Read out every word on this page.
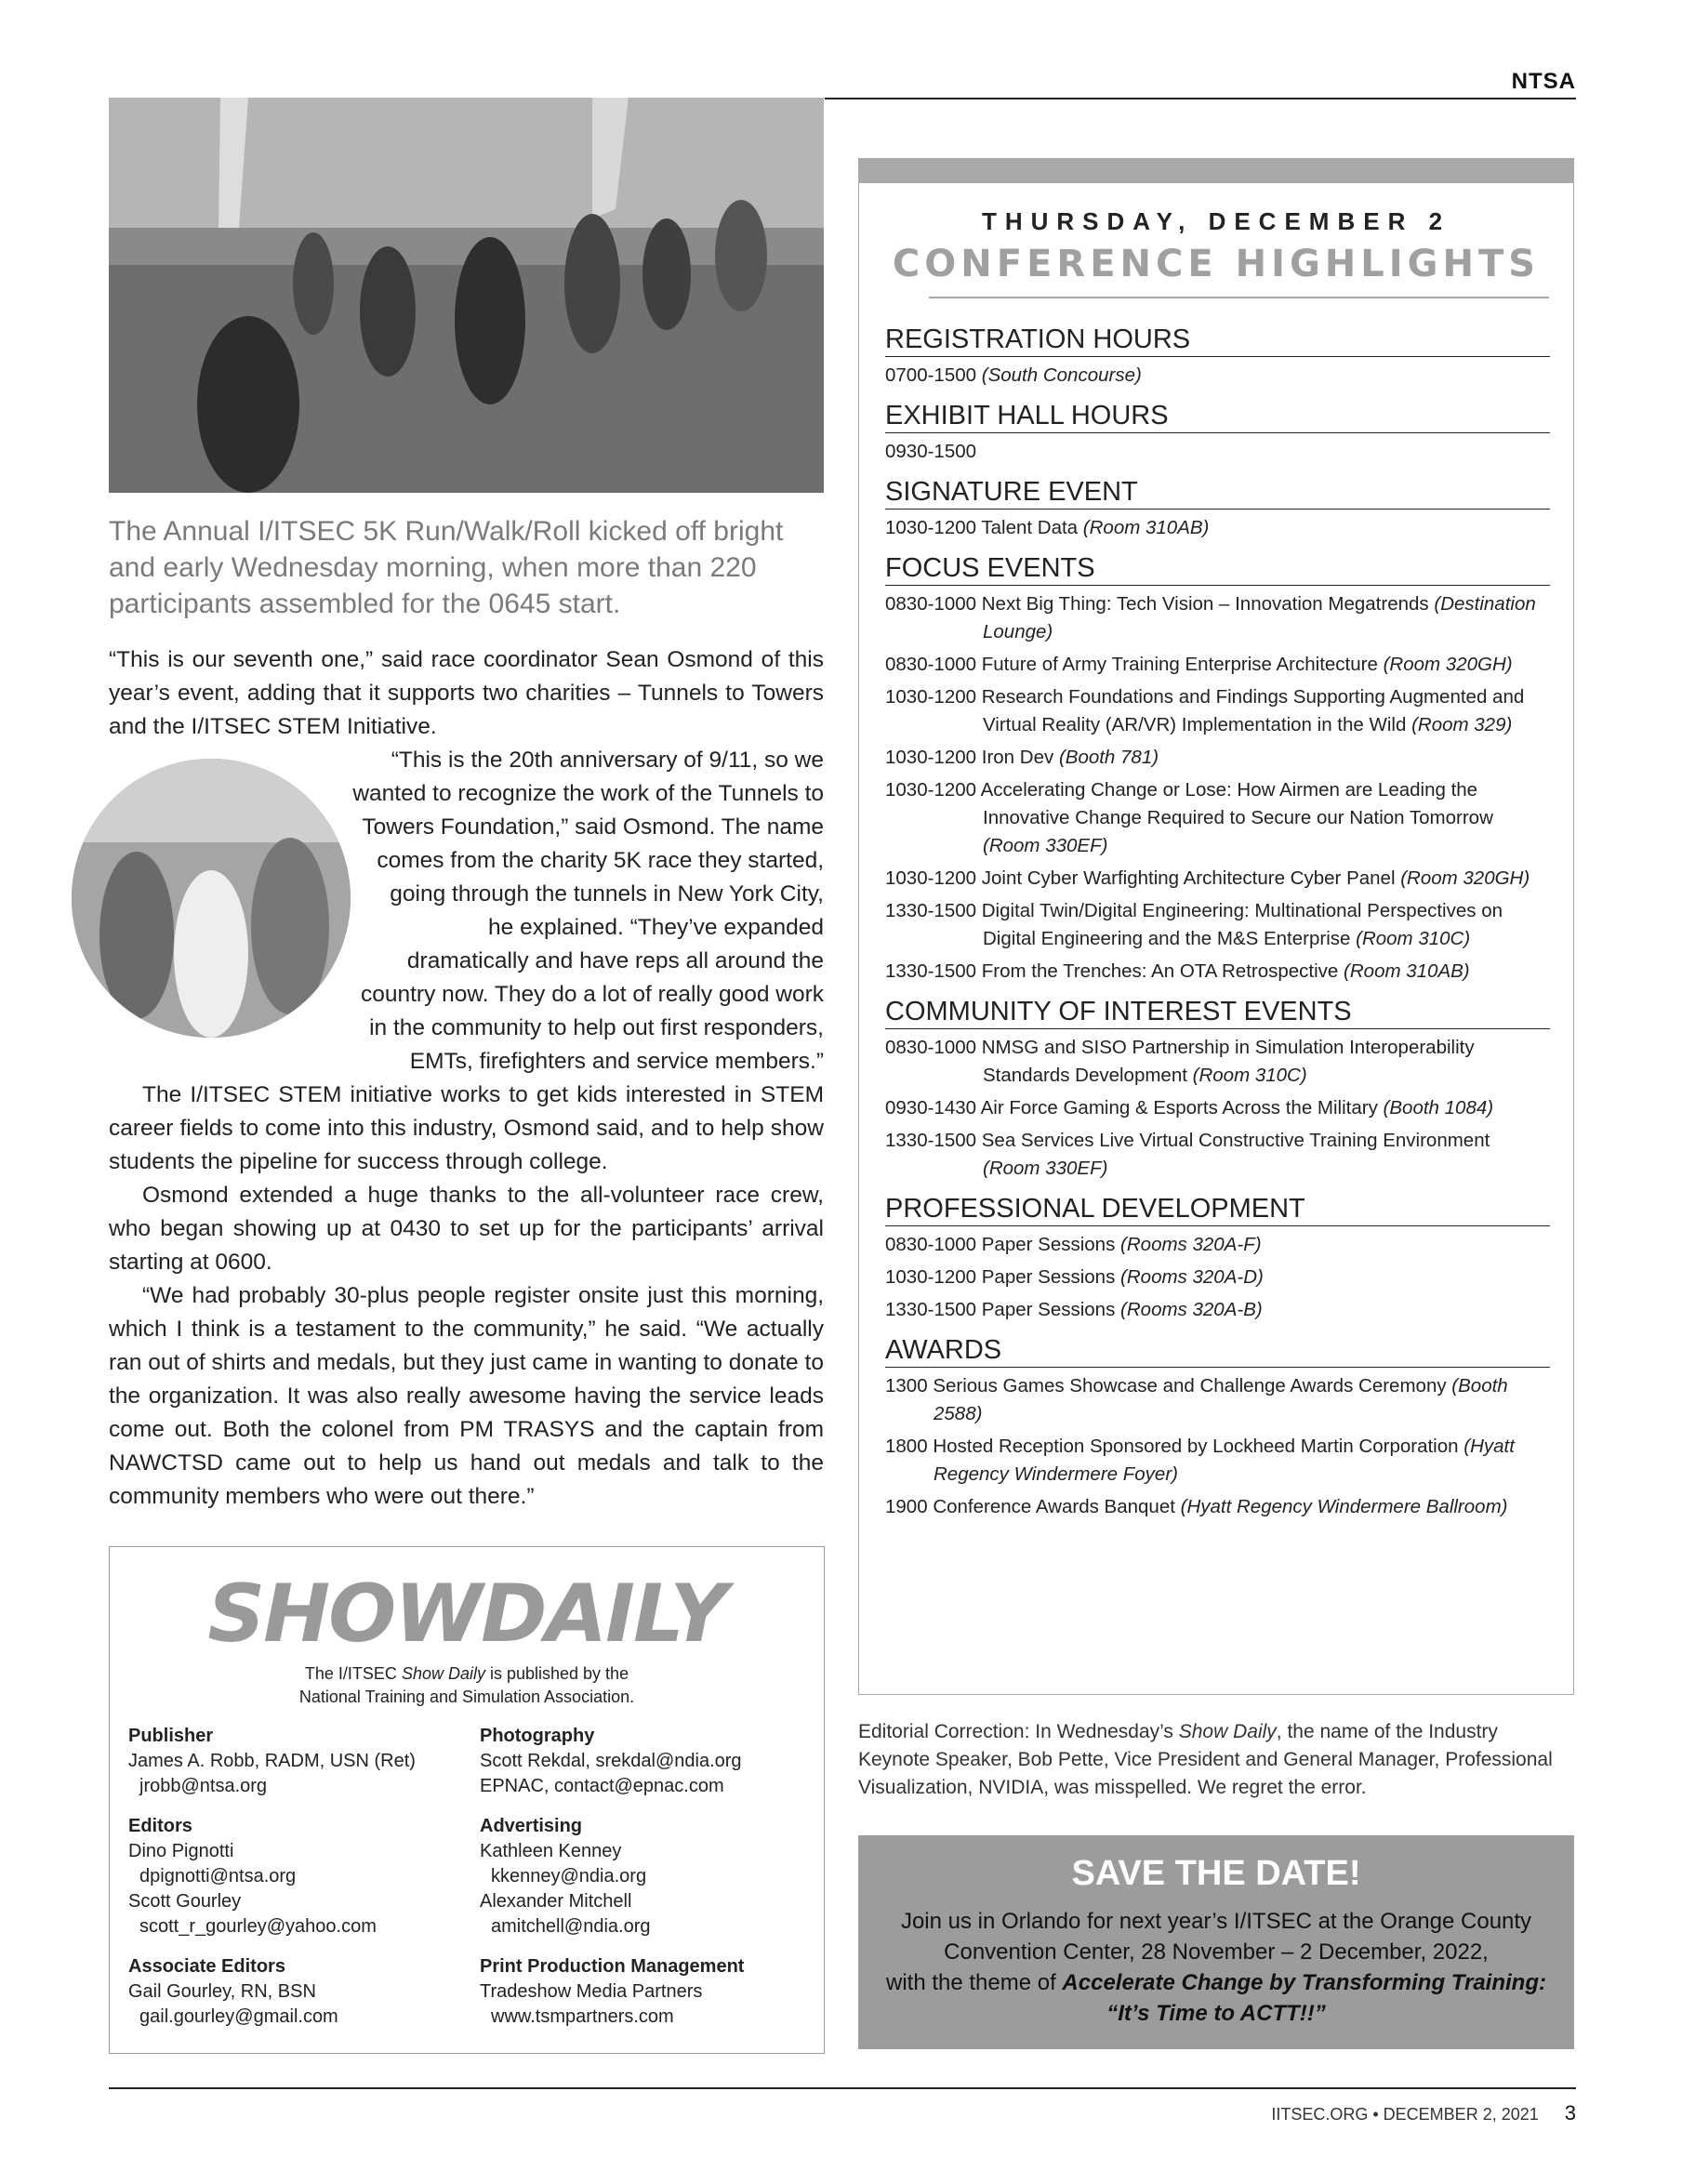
NTSA
The Annual I/ITSEC 5K Run/Walk/Roll kicked off bright and early Wednesday morning, when more than 220 participants assembled for the 0645 start.
“This is our seventh one,” said race coordinator Sean Osmond of this year’s event, adding that it supports two charities – Tunnels to Towers and the I/ITSEC STEM Initiative.

“This is the 20th anniversary of 9/11, so we wanted to recognize the work of the Tunnels to Towers Foundation,” said Osmond. The name comes from the charity 5K race they started, going through the tunnels in New York City, he explained. “They’ve expanded dramatically and have reps all around the country now. They do a lot of really good work in the community to help out first responders, EMTs, firefighters and service members.”

The I/ITSEC STEM initiative works to get kids interested in STEM career fields to come into this industry, Osmond said, and to help show students the pipeline for success through college.

Osmond extended a huge thanks to the all-volunteer race crew, who began showing up at 0430 to set up for the participants’ arrival starting at 0600.

“We had probably 30-plus people register onsite just this morning, which I think is a testament to the community,” he said. “We actually ran out of shirts and medals, but they just came in wanting to donate to the organization. It was also really awesome having the service leads come out. Both the colonel from PM TRASYS and the captain from NAWCTSD came out to help us hand out medals and talk to the community members who were out there.”

SHOWDAILY
The I/ITSEC Show Daily is published by the
National Training and Simulation Association.
Publisher
James A. Robb, RADM, USN (Ret)
jrobb@ntsa.org
Editors
Dino Pignotti
dpignotti@ntsa.org
Scott Gourley
scott_r_gourley@yahoo.com
Associate Editors
Gail Gourley, RN, BSN
gail.gourley@gmail.com
Photography
Scott Rekdal, srekdal@ndia.org
EPNAC, contact@epnac.com
Advertising
Kathleen Kenney
kkenney@ndia.org
Alexander Mitchell
amitchell@ndia.org
Print Production Management
Tradeshow Media Partners
www.tsmpartners.com
THURSDAY, DECEMBER 2
CONFERENCE HIGHLIGHTS
REGISTRATION HOURS
0700-1500 (South Concourse)
EXHIBIT HALL HOURS
0930-1500
SIGNATURE EVENT
1030-1200 Talent Data (Room 310AB)
FOCUS EVENTS
0830-1000 Next Big Thing: Tech Vision – Innovation Megatrends (Destination Lounge)
0830-1000 Future of Army Training Enterprise Architecture (Room 320GH)
1030-1200 Research Foundations and Findings Supporting Augmented and Virtual Reality (AR/VR) Implementation in the Wild (Room 329)
1030-1200 Iron Dev (Booth 781)
1030-1200 Accelerating Change or Lose: How Airmen are Leading the Innovative Change Required to Secure our Nation Tomorrow (Room 330EF)
1030-1200 Joint Cyber Warfighting Architecture Cyber Panel (Room 320GH)
1330-1500 Digital Twin/Digital Engineering: Multinational Perspectives on Digital Engineering and the M&S Enterprise (Room 310C)
1330-1500 From the Trenches: An OTA Retrospective (Room 310AB)
COMMUNITY OF INTEREST EVENTS
0830-1000 NMSG and SISO Partnership in Simulation Interoperability Standards Development (Room 310C)
0930-1430 Air Force Gaming & Esports Across the Military (Booth 1084)
1330-1500 Sea Services Live Virtual Constructive Training Environment (Room 330EF)
PROFESSIONAL DEVELOPMENT
0830-1000 Paper Sessions (Rooms 320A-F)
1030-1200 Paper Sessions (Rooms 320A-D)
1330-1500 Paper Sessions (Rooms 320A-B)
AWARDS
1300 Serious Games Showcase and Challenge Awards Ceremony (Booth 2588)
1800 Hosted Reception Sponsored by Lockheed Martin Corporation (Hyatt Regency Windermere Foyer)
1900 Conference Awards Banquet (Hyatt Regency Windermere Ballroom)
Editorial Correction: In Wednesday’s Show Daily, the name of the Industry Keynote Speaker, Bob Pette, Vice President and General Manager, Professional Visualization, NVIDIA, was misspelled. We regret the error.
SAVE THE DATE!
Join us in Orlando for next year’s I/ITSEC at the Orange County
Convention Center, 28 November – 2 December, 2022,
with the theme of Accelerate Change by Transforming Training:
“It’s Time to ACTT!!”
IITSEC.ORG • DECEMBER 2, 2021 3
